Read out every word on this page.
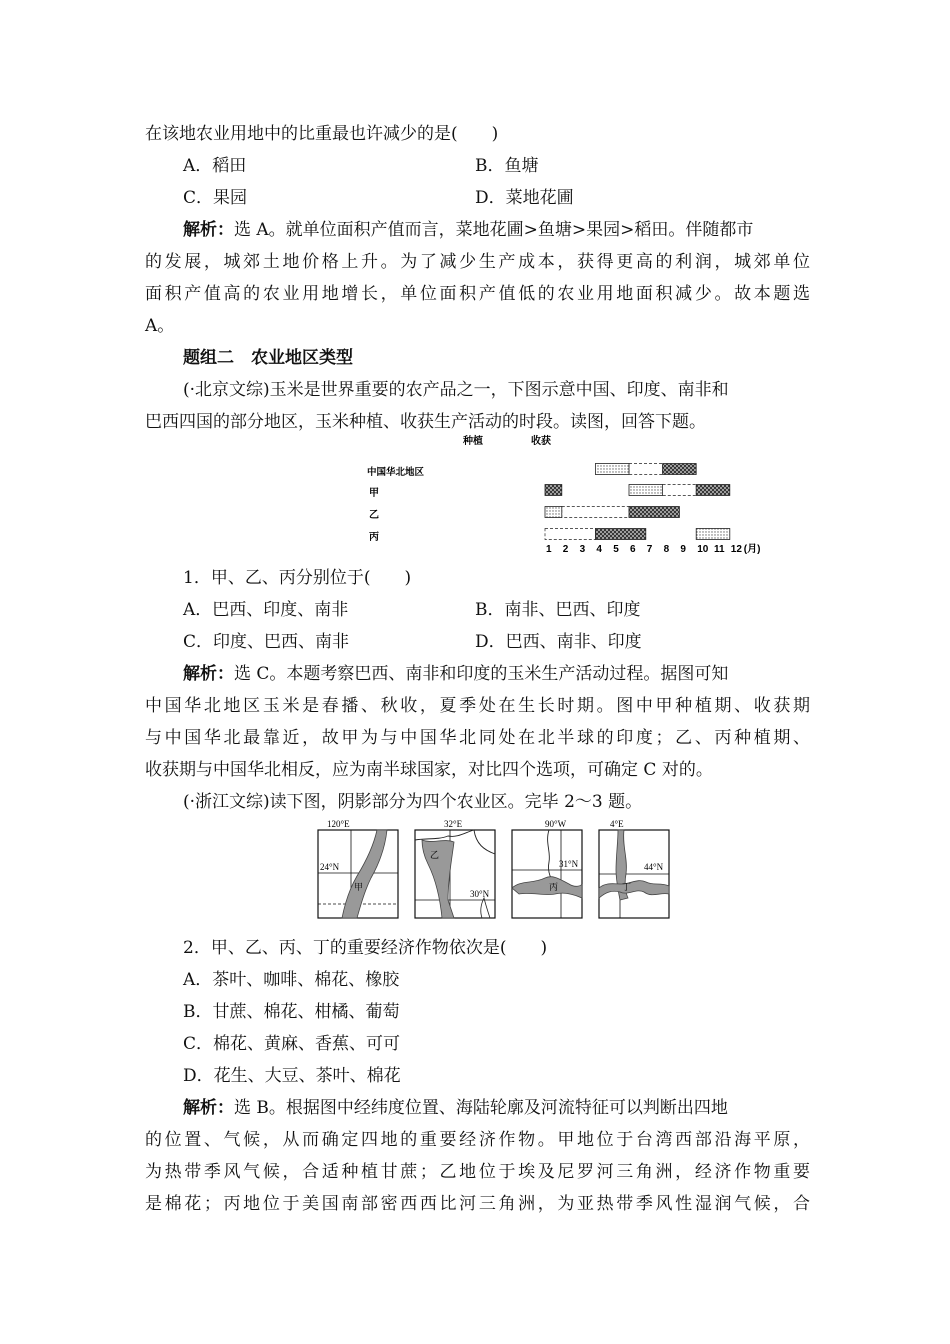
在该地农业用地中的比重最也许减少的是(　　)
A．稻田	B．鱼塘
C．果园	D．菜地花圃
解析：选 A。就单位面积产值而言，菜地花圃>鱼塘>果园>稻田。伴随都市
的发展，城郊土地价格上升。为了减少生产成本，获得更高的利润，城郊单位
面积产值高的农业用地增长，单位面积产值低的农业用地面积减少。故本题选
A。
题组二　农业地区类型
(·北京文综)玉米是世界重要的农产品之一，下图示意中国、印度、南非和
巴西四国的部分地区，玉米种植、收获生产活动的时段。读图，回答下题。
种植	收获
中国华北地区
甲
乙
丙
1 2 3 4 5 6 7 8 9 10 11 12 (月)
1．甲、乙、丙分别位于(　　)
A．巴西、印度、南非	B．南非、巴西、印度
C．印度、巴西、南非	D．巴西、南非、印度
解析：选 C。本题考察巴西、南非和印度的玉米生产活动过程。据图可知
中国华北地区玉米是春播、秋收，夏季处在生长时期。图中甲种植期、收获期
与中国华北最靠近，故甲为与中国华北同处在北半球的印度；乙、丙种植期、
收获期与中国华北相反，应为南半球国家，对比四个选项，可确定 C 对的。
(·浙江文综)读下图，阴影部分为四个农业区。完毕 2～3 题。
120°E
24°N
甲
32°E
乙
30°N
90°W
31°N
丙
4°E
44°N
丁
2．甲、乙、丙、丁的重要经济作物依次是(　　)
A．茶叶、咖啡、棉花、橡胶
B．甘蔗、棉花、柑橘、葡萄
C．棉花、黄麻、香蕉、可可
D．花生、大豆、茶叶、棉花
解析：选 B。根据图中经纬度位置、海陆轮廓及河流特征可以判断出四地
的位置、气候，从而确定四地的重要经济作物。甲地位于台湾西部沿海平原，
为热带季风气候，合适种植甘蔗；乙地位于埃及尼罗河三角洲，经济作物重要
是棉花；丙地位于美国南部密西西比河三角洲，为亚热带季风性湿润气候，合
